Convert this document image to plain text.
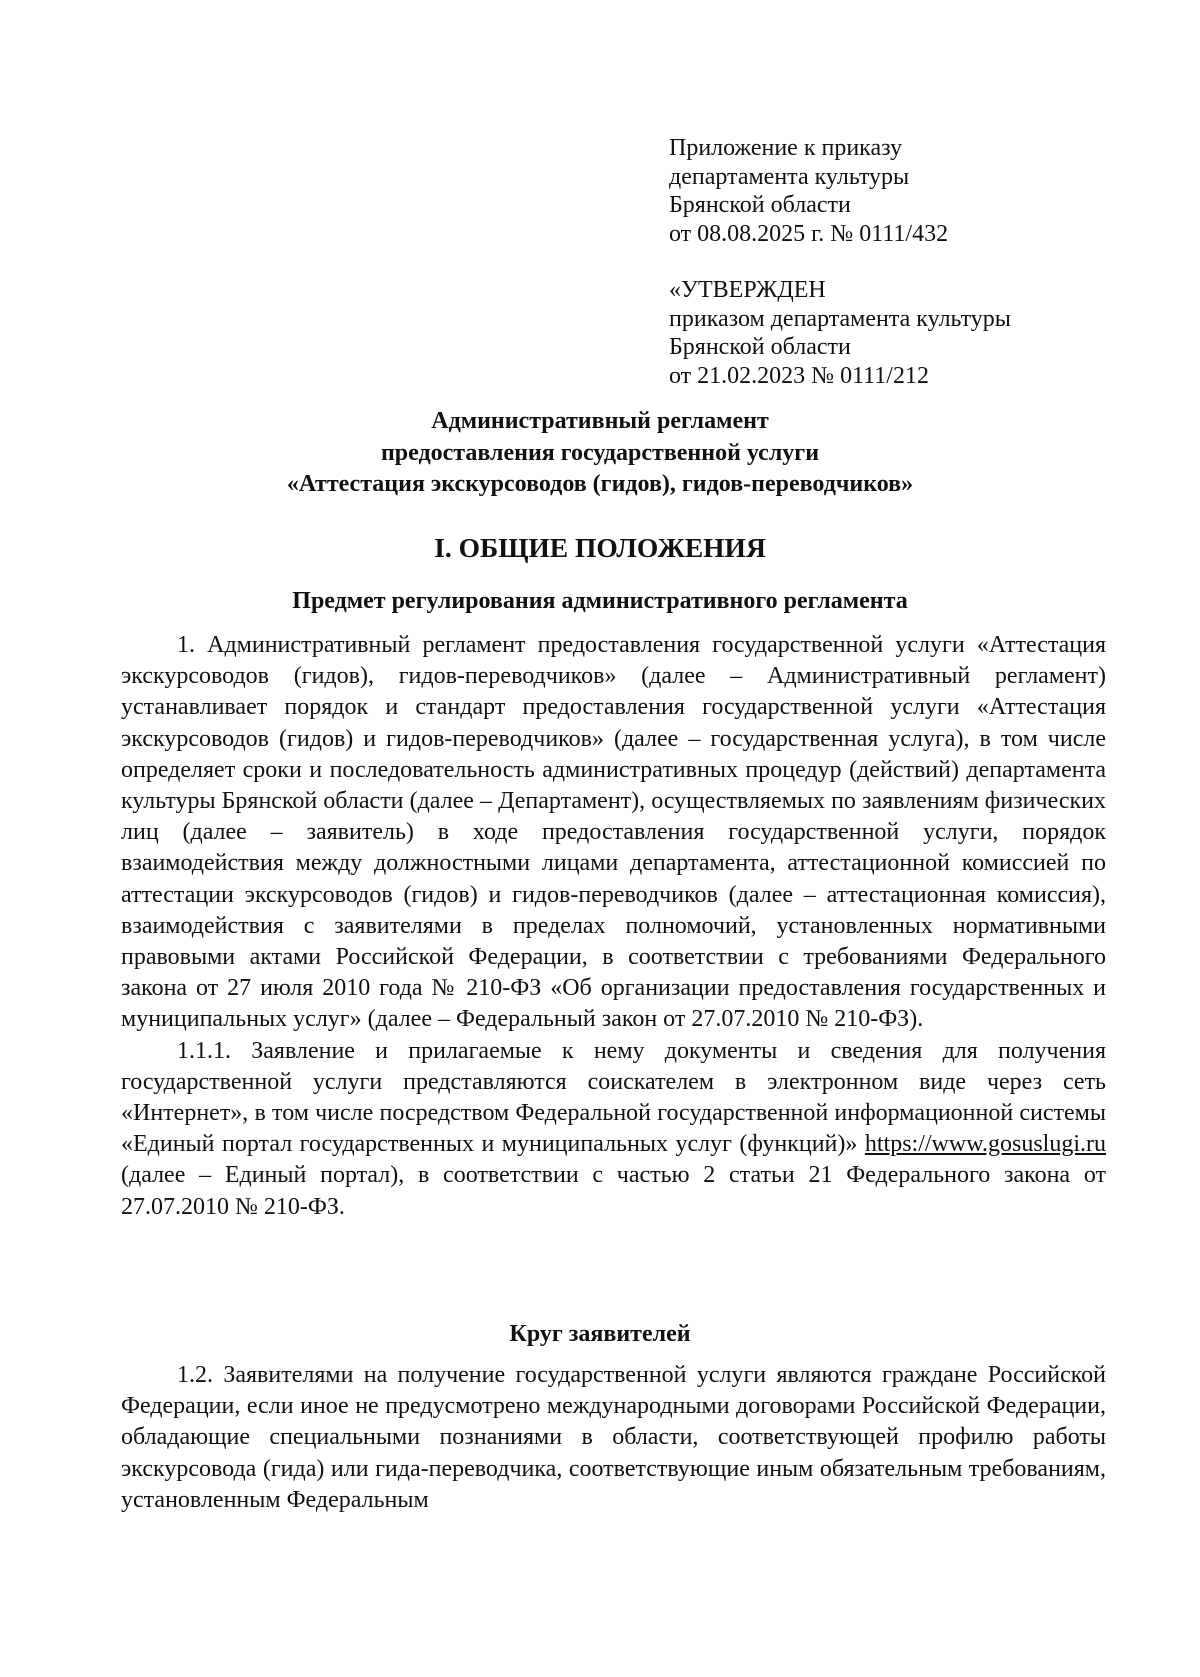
Приложение к приказу
департамента культуры
Брянской области
от 08.08.2025 г. № 0111/432
«УТВЕРЖДЕН
приказом департамента культуры
Брянской области
от 21.02.2023 № 0111/212
Административный регламент
предоставления государственной услуги
«Аттестация экскурсоводов (гидов), гидов-переводчиков»
I. ОБЩИЕ ПОЛОЖЕНИЯ
Предмет регулирования административного регламента

1. Административный регламент предоставления государственной услуги «Аттестация экскурсоводов (гидов), гидов-переводчиков» (далее – Административный регламент) устанавливает порядок и стандарт предоставления государственной услуги «Аттестация экскурсоводов (гидов) и гидов-переводчиков» (далее – государственная услуга), в том числе определяет сроки и последовательность административных процедур (действий) департамента культуры Брянской области (далее – Департамент), осуществляемых по заявлениям физических лиц (далее – заявитель) в ходе предоставления государственной услуги, порядок взаимодействия между должностными лицами департамента, аттестационной комиссией по аттестации экскурсоводов (гидов) и гидов-переводчиков (далее – аттестационная комиссия), взаимодействия с заявителями в пределах полномочий, установленных нормативными правовыми актами Российской Федерации, в соответствии с требованиями Федерального закона от 27 июля 2010 года № 210-ФЗ «Об организации предоставления государственных и муниципальных услуг» (далее – Федеральный закон от 27.07.2010 № 210-ФЗ).

1.1.1. Заявление и прилагаемые к нему документы и сведения для получения государственной услуги представляются соискателем в электронном виде через сеть «Интернет», в том числе посредством Федеральной государственной информационной системы «Единый портал государственных и муниципальных услуг (функций)» https://www.gosuslugi.ru (далее – Единый портал), в соответствии с частью 2 статьи 21 Федерального закона от 27.07.2010 № 210-ФЗ.

Круг заявителей

1.2. Заявителями на получение государственной услуги являются граждане Российской Федерации, если иное не предусмотрено международными договорами Российской Федерации, обладающие специальными познаниями в области, соответствующей профилю работы экскурсовода (гида) или гида-переводчика, соответствующие иным обязательным требованиям, установленным Федеральным
